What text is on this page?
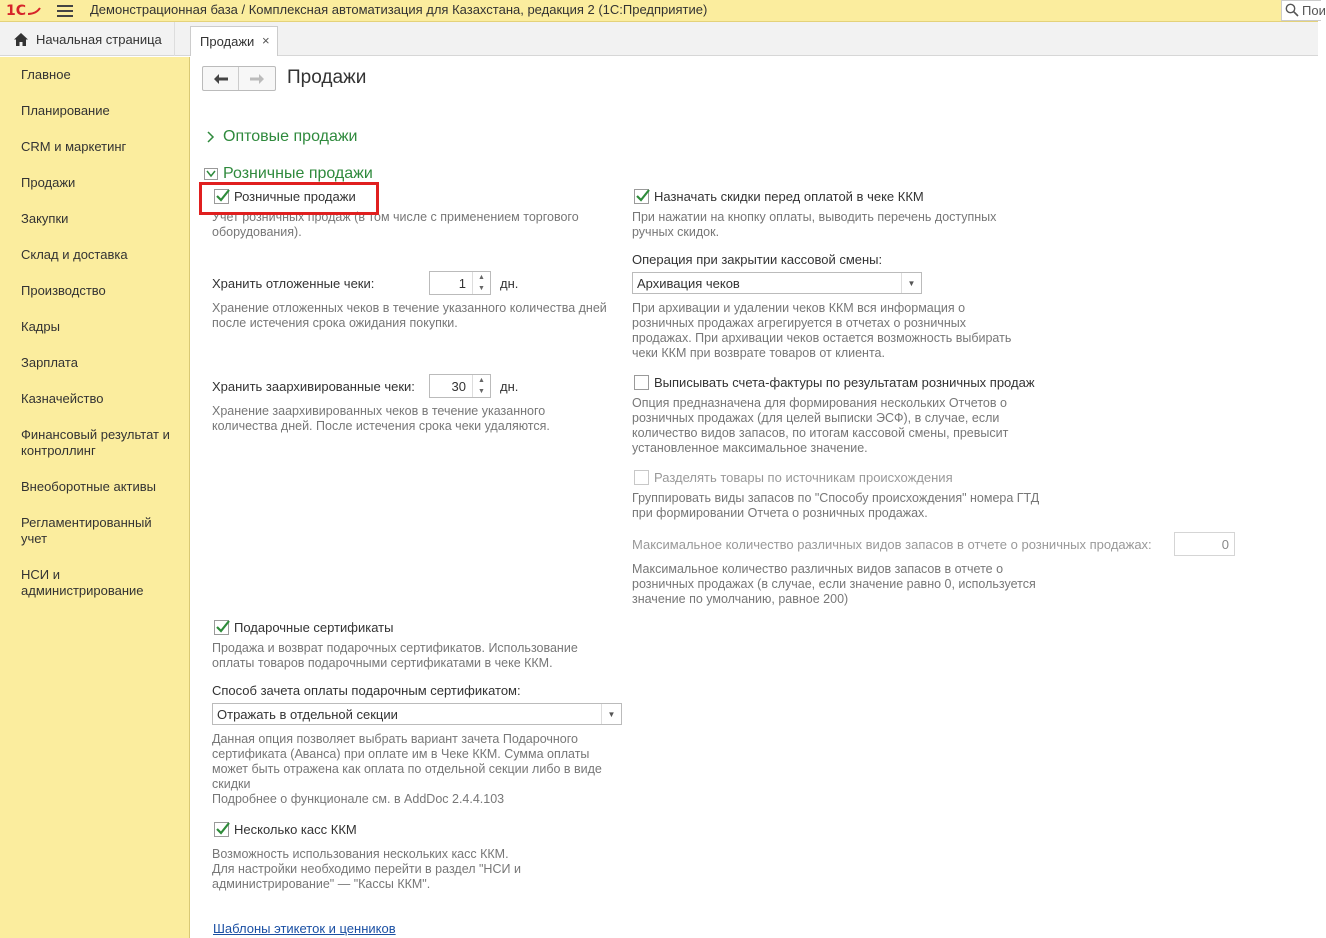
1С	Демонстрационная база / Комплексная автоматизация для Казахстана, редакция 2 (1С:Предприятие)	Пои
Начальная страница	Продажи ×
Главное
Планирование
CRM и маркетинг
Продажи
Закупки
Склад и доставка
Производство
Кадры
Зарплата
Казначейство
Финансовый результат и контроллинг
Внеоборотные активы
Регламентированный учет
НСИ и администрирование
Продажи
Оптовые продажи
Розничные продажи
Розничные продажи
Учет розничных продаж (в том числе с применением торгового оборудования).
Хранить отложенные чеки:	1	▲
▼	дн.
Хранение отложенных чеков в течение указанного количества дней после истечения срока ожидания покупки.
Хранить заархивированные чеки:	30	▲
▼	дн.
Хранение заархивированных чеков в течение указанного количества дней. После истечения срока чеки удаляются.
Подарочные сертификаты
Продажа и возврат подарочных сертификатов. Использование оплаты товаров подарочными сертификатами в чеке ККМ.
Способ зачета оплаты подарочным сертификатом:
Отражать в отдельной секции	▼
Данная опция позволяет выбрать вариант зачета Подарочного сертификата (Аванса) при оплате им в Чеке ККМ. Сумма оплаты может быть отражена как оплата по отдельной секции либо в виде скидки
Подробнее о функционале см. в AddDoc 2.4.4.103
Несколько касс ККМ
Возможность использования нескольких касс ККМ.
Для настройки необходимо перейти в раздел "НСИ и администрирование" — "Кассы ККМ".
Шаблоны этикеток и ценников
Назначать скидки перед оплатой в чеке ККМ
При нажатии на кнопку оплаты, выводить перечень доступных ручных скидок.
Операция при закрытии кассовой смены:
Архивация чеков	▼
При архивации и удалении чеков ККМ вся информация о розничных продажах агрегируется в отчетах о розничных продажах. При архивации чеков остается возможность выбирать чеки ККМ при возврате товаров от клиента.
Выписывать счета-фактуры по результатам розничных продаж
Опция предназначена для формирования нескольких Отчетов о розничных продажах (для целей выписки ЭСФ), в случае, если количество видов запасов, по итогам кассовой смены, превысит установленное максимальное значение.
Разделять товары по источникам происхождения
Группировать виды запасов по "Способу происхождения" номера ГТД при формировании Отчета о розничных продажах.
Максимальное количество различных видов запасов в отчете о розничных продажах:	0
Максимальное количество различных видов запасов в отчете о розничных продажах (в случае, если значение равно 0, используется значение по умолчанию, равное 200)
